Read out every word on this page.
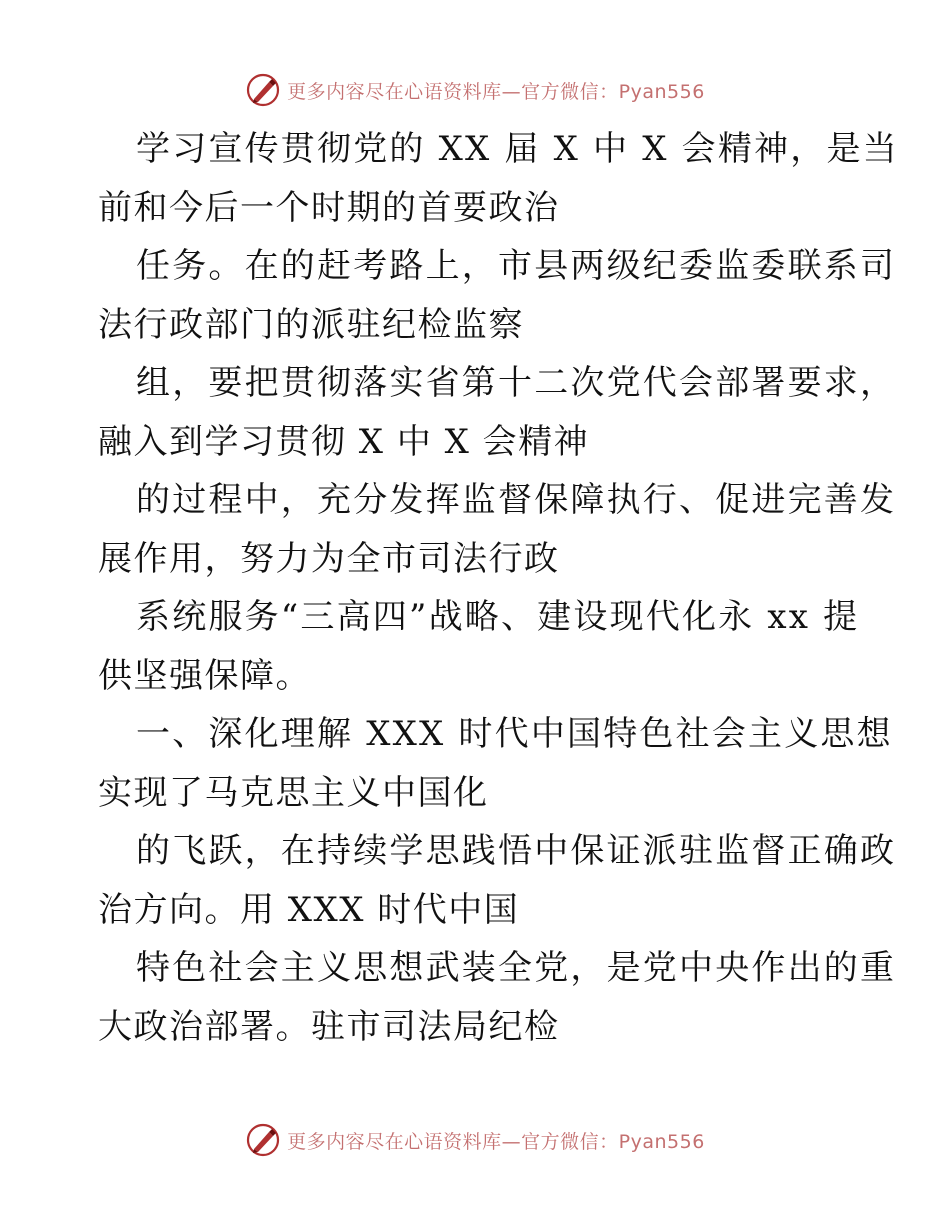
更多内容尽在心语资料库—官方微信：Pyan556
学习宣传贯彻党的 XX 届 X 中 X 会精神，是当
前和今后一个时期的首要政治
任务。在的赶考路上，市县两级纪委监委联系司
法行政部门的派驻纪检监察
组，要把贯彻落实省第十二次党代会部署要求，
融入到学习贯彻 X 中 X 会精神
的过程中，充分发挥监督保障执行、促进完善发
展作用，努力为全市司法行政
系统服务“三高四”战略、建设现代化永 xx 提
供坚强保障。
一、深化理解 XXX 时代中国特色社会主义思想
实现了马克思主义中国化
的飞跃，在持续学思践悟中保证派驻监督正确政
治方向。用 XXX 时代中国
特色社会主义思想武装全党，是党中央作出的重
大政治部署。驻市司法局纪检
更多内容尽在心语资料库—官方微信：Pyan556
